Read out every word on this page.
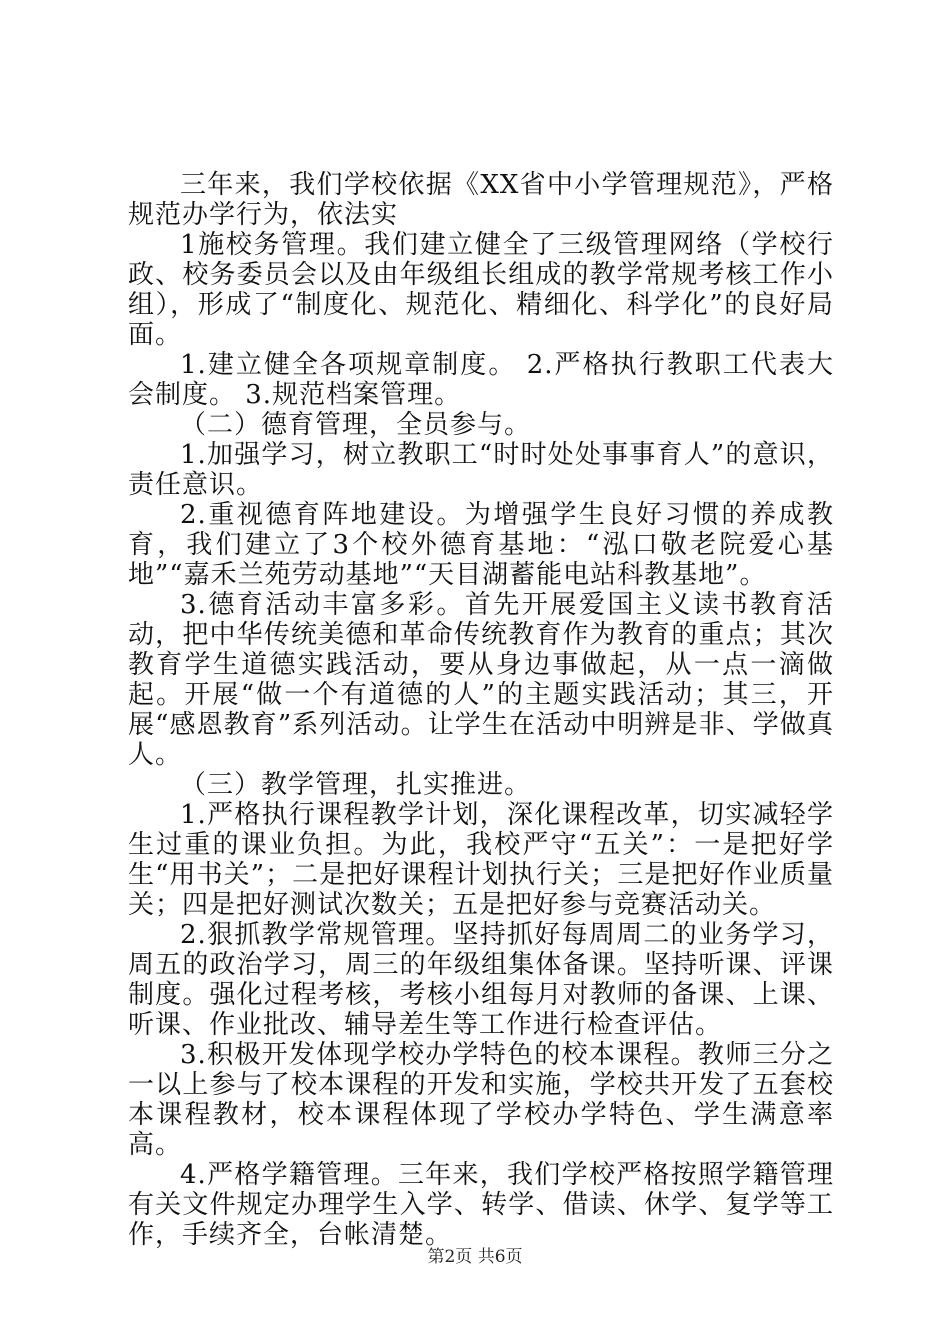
三年来，我们学校依据《XX省中小学管理规范》，严格规范办学行为，依法实

1施校务管理。我们建立健全了三级管理网络（学校行政、校务委员会以及由年级组长组成的教学常规考核工作小组），形成了“制度化、规范化、精细化、科学化”的良好局面。

1.建立健全各项规章制度。 2.严格执行教职工代表大会制度。 3.规范档案管理。

（二）德育管理，全员参与。

1.加强学习，树立教职工“时时处处事事育人”的意识，责任意识。

2.重视德育阵地建设。为增强学生良好习惯的养成教育，我们建立了3个校外德育基地：“泓口敬老院爱心基地”“嘉禾兰苑劳动基地”“天目湖蓄能电站科教基地”。

3.德育活动丰富多彩。首先开展爱国主义读书教育活动，把中华传统美德和革命传统教育作为教育的重点；其次教育学生道德实践活动，要从身边事做起，从一点一滴做起。开展“做一个有道德的人”的主题实践活动；其三，开展“感恩教育”系列活动。让学生在活动中明辨是非、学做真人。

（三）教学管理，扎实推进。

1.严格执行课程教学计划，深化课程改革，切实减轻学生过重的课业负担。为此，我校严守“五关”：一是把好学生“用书关”；二是把好课程计划执行关；三是把好作业质量关；四是把好测试次数关；五是把好参与竞赛活动关。

2.狠抓教学常规管理。坚持抓好每周周二的业务学习，周五的政治学习，周三的年级组集体备课。坚持听课、评课制度。强化过程考核，考核小组每月对教师的备课、上课、听课、作业批改、辅导差生等工作进行检查评估。

3.积极开发体现学校办学特色的校本课程。教师三分之一以上参与了校本课程的开发和实施，学校共开发了五套校本课程教材，校本课程体现了学校办学特色、学生满意率高。

4.严格学籍管理。三年来，我们学校严格按照学籍管理有关文件规定办理学生入学、转学、借读、休学、复学等工作，手续齐全，台帐清楚。

第2页 共6页
